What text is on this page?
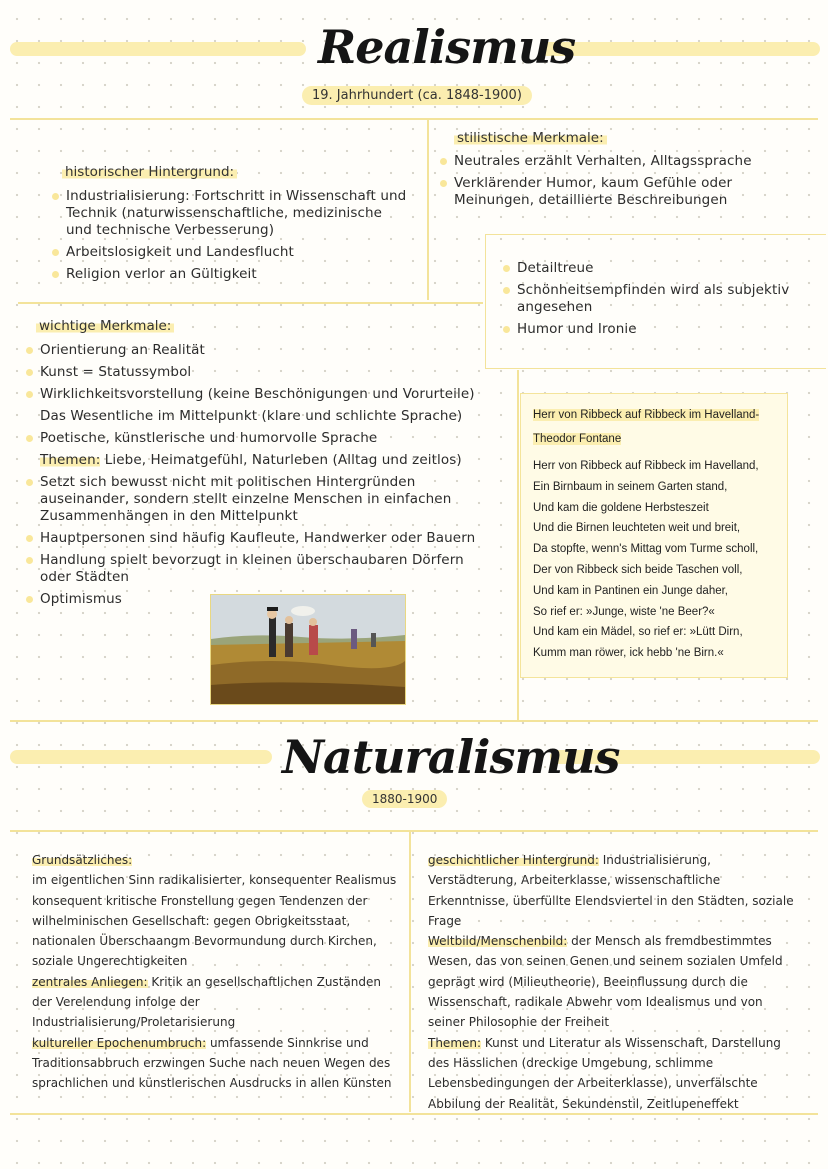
Realismus
19. Jahrhundert (ca. 1848-1900)
historischer Hintergrund:
Industrialisierung: Fortschritt in Wissenschaft und Technik (naturwissenschaftliche, medizinische und technische Verbesserung)
Arbeitslosigkeit und Landesflucht
Religion verlor an Gültigkeit
stilistische Merkmale:
Neutrales erzählt Verhalten, Alltagssprache
Verklärender Humor, kaum Gefühle oder Meinungen, detaillierte Beschreibungen
Detailtreue
Schönheitsempfinden wird als subjektiv angesehen
Humor und Ironie
wichtige Merkmale:
Orientierung an Realität
Kunst = Statussymbol
Wirklichkeitsvorstellung (keine Beschönigungen und Vorurteile)
Das Wesentliche im Mittelpunkt (klare und schlichte Sprache)
Poetische, künstlerische und humorvolle Sprache
Themen: Liebe, Heimatgefühl, Naturleben (Alltag und zeitlos)
Setzt sich bewusst nicht mit politischen Hintergründen auseinander, sondern stellt einzelne Menschen in einfachen Zusammenhängen in den Mittelpunkt
Hauptpersonen sind häufig Kaufleute, Handwerker oder Bauern
Handlung spielt bevorzugt in kleinen überschaubaren Dörfern oder Städten
Optimismus
Herr von Ribbeck auf Ribbeck im Havelland-
Theodor Fontane
Herr von Ribbeck auf Ribbeck im Havelland,
Ein Birnbaum in seinem Garten stand,
Und kam die goldene Herbsteszeit
Und die Birnen leuchteten weit und breit,
Da stopfte, wenn's Mittag vom Turme scholl,
Der von Ribbeck sich beide Taschen voll,
Und kam in Pantinen ein Junge daher,
So rief er: »Junge, wiste 'ne Beer?«
Und kam ein Mädel, so rief er: »Lütt Dirn,
Kumm man röwer, ick hebb 'ne Birn.«
Naturalismus
1880-1900

Grundsätzliches:

im eigentlichen Sinn radikalisierter, konsequenter Realismus konsequent kritische Fronstellung gegen Tendenzen der wilhelminischen Gesellschaft: gegen Obrigkeitsstaat, nationalen Überschaangm Bevormundung durch Kirchen, soziale Ungerechtigkeiten

zentrales Anliegen: Kritik an gesellschaftlichen Zuständen der Verelendung infolge der Industrialisierung/Proletarisierung

kultureller Epochenumbruch: umfassende Sinnkrise und Traditionsabbruch erzwingen Suche nach neuen Wegen des sprachlichen und künstlerischen Ausdrucks in allen Künsten

geschichtlicher Hintergrund: Industrialisierung, Verstädterung, Arbeiterklasse, wissenschaftliche Erkenntnisse, überfüllte Elendsviertel in den Städten, soziale Frage

Weltbild/Menschenbild: der Mensch als fremdbestimmtes Wesen, das von seinen Genen und seinem sozialen Umfeld geprägt wird (Milieutheorie), Beeinflussung durch die Wissenschaft, radikale Abwehr vom Idealismus und von seiner Philosophie der Freiheit

Themen: Kunst und Literatur als Wissenschaft, Darstellung des Hässlichen (dreckige Umgebung, schlimme Lebensbedingungen der Arbeiterklasse), unverfälschte Abbilung der Realität, Sekundenstil, Zeitlupeneffekt
